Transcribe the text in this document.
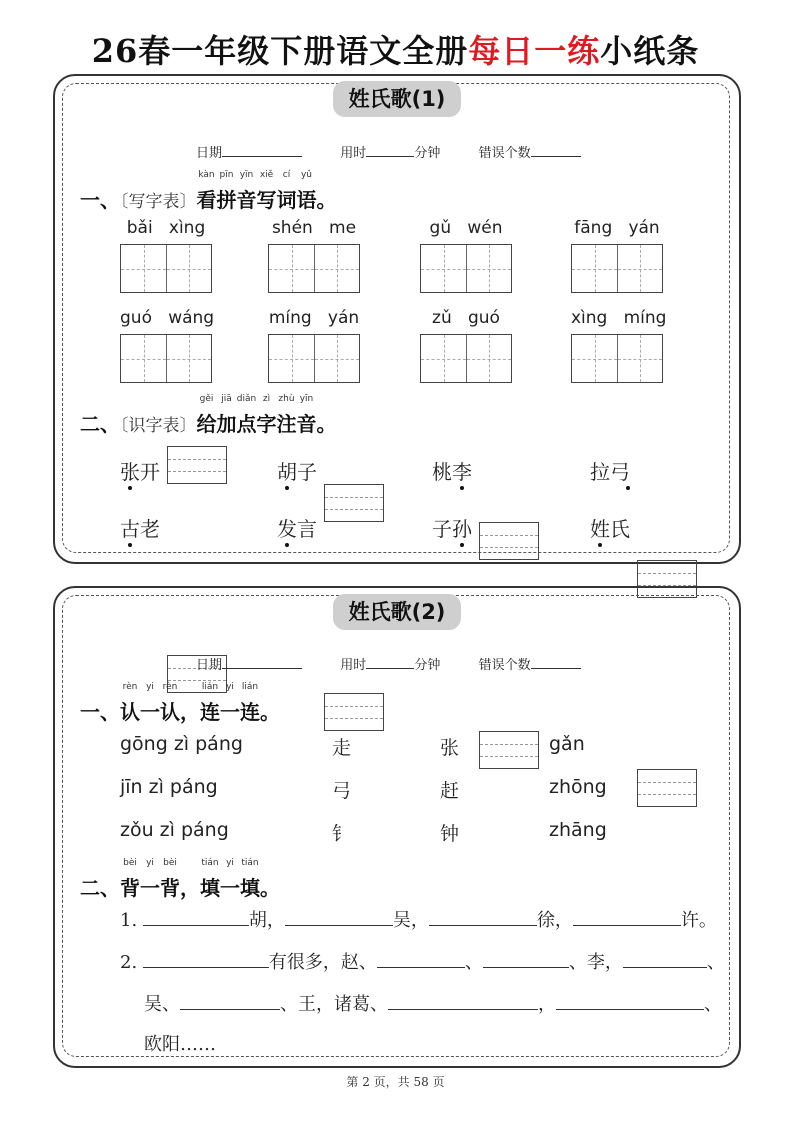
26春一年级下册语文全册每日一练小纸条
姓氏歌(1)
日期	用时	分钟	错误个数
一、〔写字表〕
kàn
看
pīn
拼
yīn
音
xiě
写
cí
词
yǔ
语。
bǎi xìng	shén me	gǔ wén	fāng yán
guó wáng	míng yán	zǔ guó	xìng míng
二、〔识字表〕
gěi
给
jiā
加
diǎn
点
zì
字
zhù
注
yīn
音。
张开	胡子	桃李	拉弓
古老	发言	子孙	姓氏
姓氏歌(2)
日期	用时	分钟	错误个数
一、
rèn
认
yi
一
rèn
认
，
lián
连
yi
一
lián
连。
gōng zì páng	走	张	gǎn
jīn zì páng	弓	赶	zhōng
zǒu zì páng	钅	钟	zhāng
二、
bèi
背
yi
一
bèi
背
，
tián
填
yi
一
tián
填。
1.	胡，	吴，	徐，	许。
2.	有很多，赵、	、	、李，	、
吴、	、王，诸葛、	，	、
欧阳……
第 2 页，共 58 页
